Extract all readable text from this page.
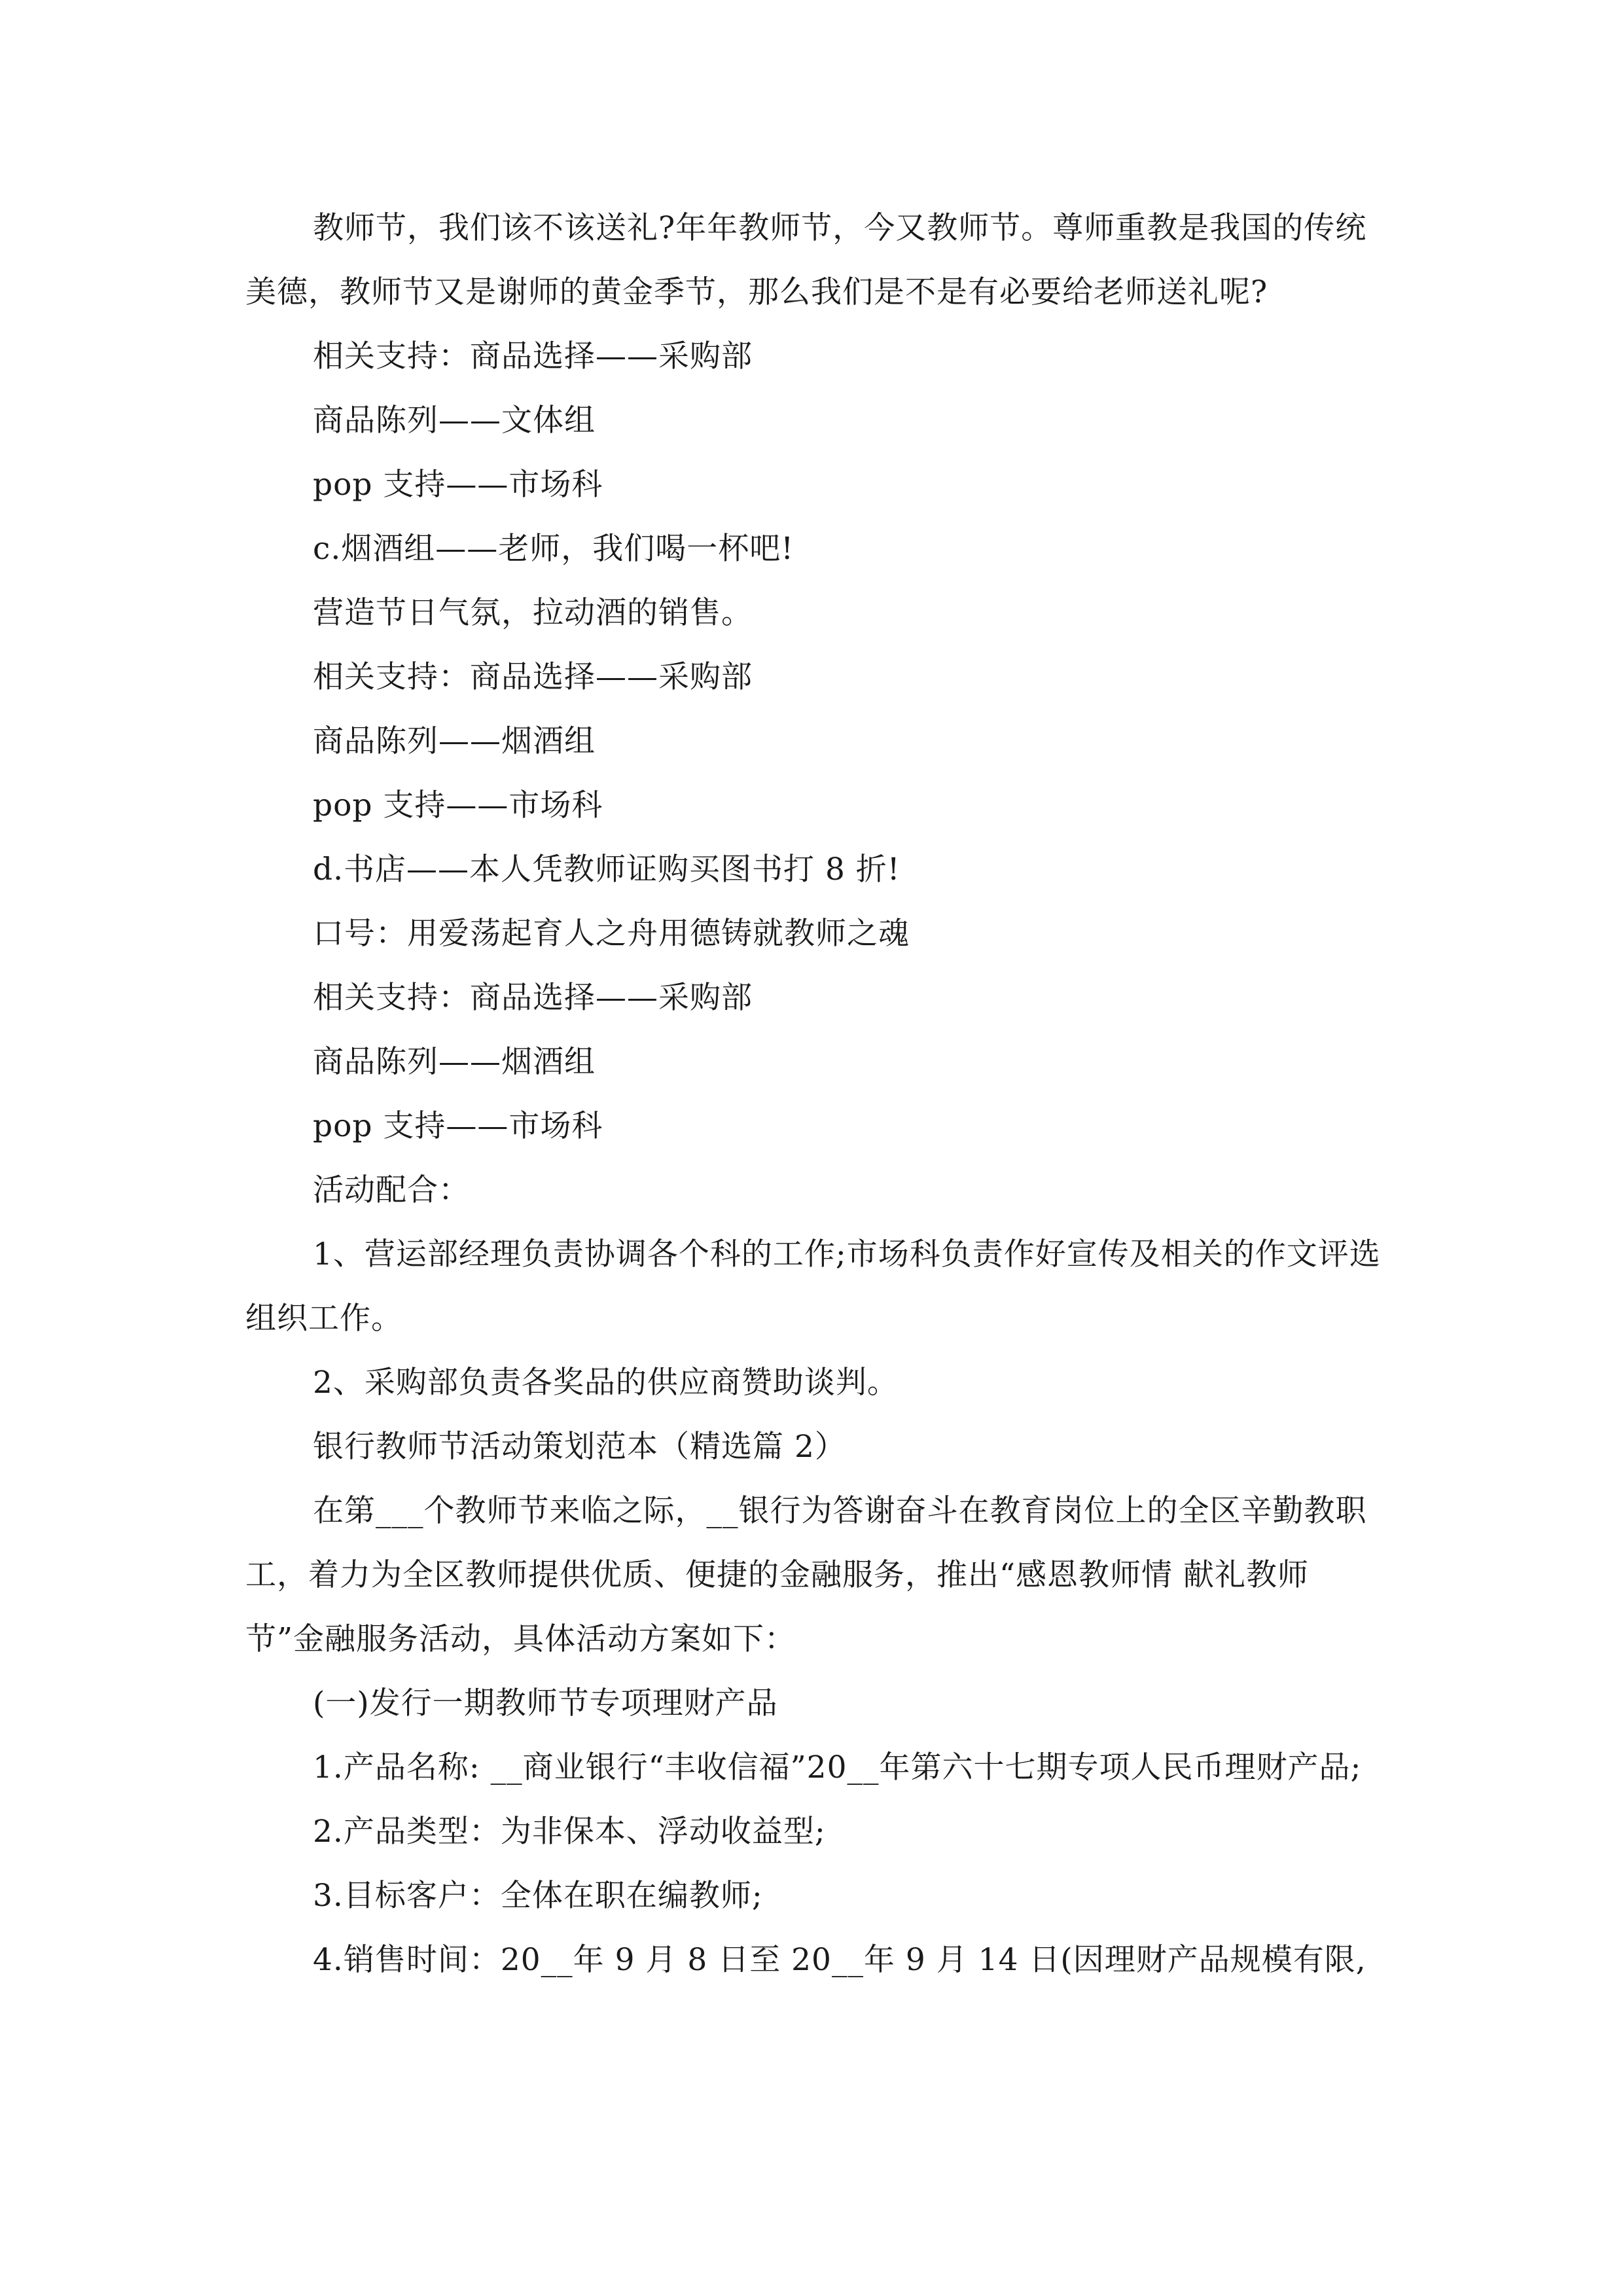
教师节，我们该不该送礼?年年教师节，今又教师节。尊师重教是我国的传统美德，教师节又是谢师的黄金季节，那么我们是不是有必要给老师送礼呢?

相关支持：商品选择——采购部

商品陈列——文体组

pop 支持——市场科

c.烟酒组——老师，我们喝一杯吧!

营造节日气氛，拉动酒的销售。

相关支持：商品选择——采购部

商品陈列——烟酒组

pop 支持——市场科

d.书店——本人凭教师证购买图书打 8 折!

口号：用爱荡起育人之舟用德铸就教师之魂

相关支持：商品选择——采购部

商品陈列——烟酒组

pop 支持——市场科

活动配合：

1、营运部经理负责协调各个科的工作;市场科负责作好宣传及相关的作文评选组织工作。

2、采购部负责各奖品的供应商赞助谈判。

银行教师节活动策划范本（精选篇 2）

在第___个教师节来临之际，__银行为答谢奋斗在教育岗位上的全区辛勤教职工，着力为全区教师提供优质、便捷的金融服务，推出“感恩教师情 献礼教师节”金融服务活动，具体活动方案如下：

(一)发行一期教师节专项理财产品

1.产品名称: __商业银行“丰收信福”20__年第六十七期专项人民币理财产品;

2.产品类型：为非保本、浮动收益型;

3.目标客户：全体在职在编教师;

4.销售时间：20__年 9 月 8 日至 20__年 9 月 14 日(因理财产品规模有限,
